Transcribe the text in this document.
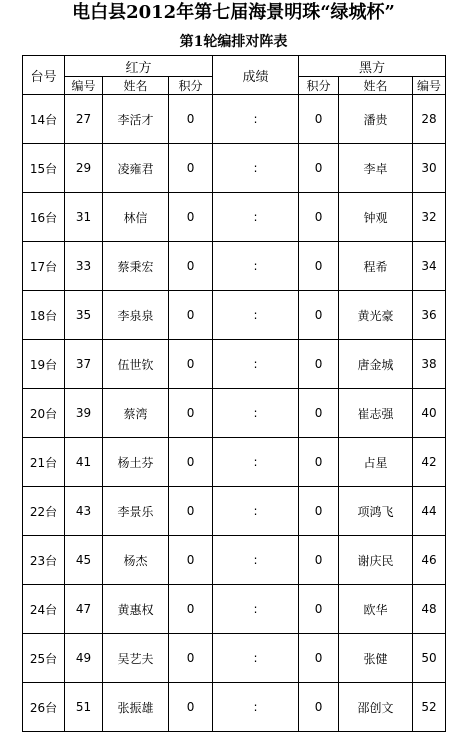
电白县2012年第七届海景明珠“绿城杯”
第1轮编排对阵表
台号	红方			成绩	黑方		
	编号	姓名	积分		积分	姓名	编号
14台	27	李活才	0	:	0	潘贵	28
15台	29	凌雍君	0	:	0	李卓	30
16台	31	林信	0	:	0	钟观	32
17台	33	蔡秉宏	0	:	0	程希	34
18台	35	李泉泉	0	:	0	黄光豪	36
19台	37	伍世钦	0	:	0	唐金城	38
20台	39	蔡湾	0	:	0	崔志强	40
21台	41	杨土芬	0	:	0	占星	42
22台	43	李景乐	0	:	0	项鸿飞	44
23台	45	杨杰	0	:	0	谢庆民	46
24台	47	黄惠权	0	:	0	欧华	48
25台	49	吴艺夫	0	:	0	张健	50
26台	51	张振雄	0	:	0	邵创文	52
